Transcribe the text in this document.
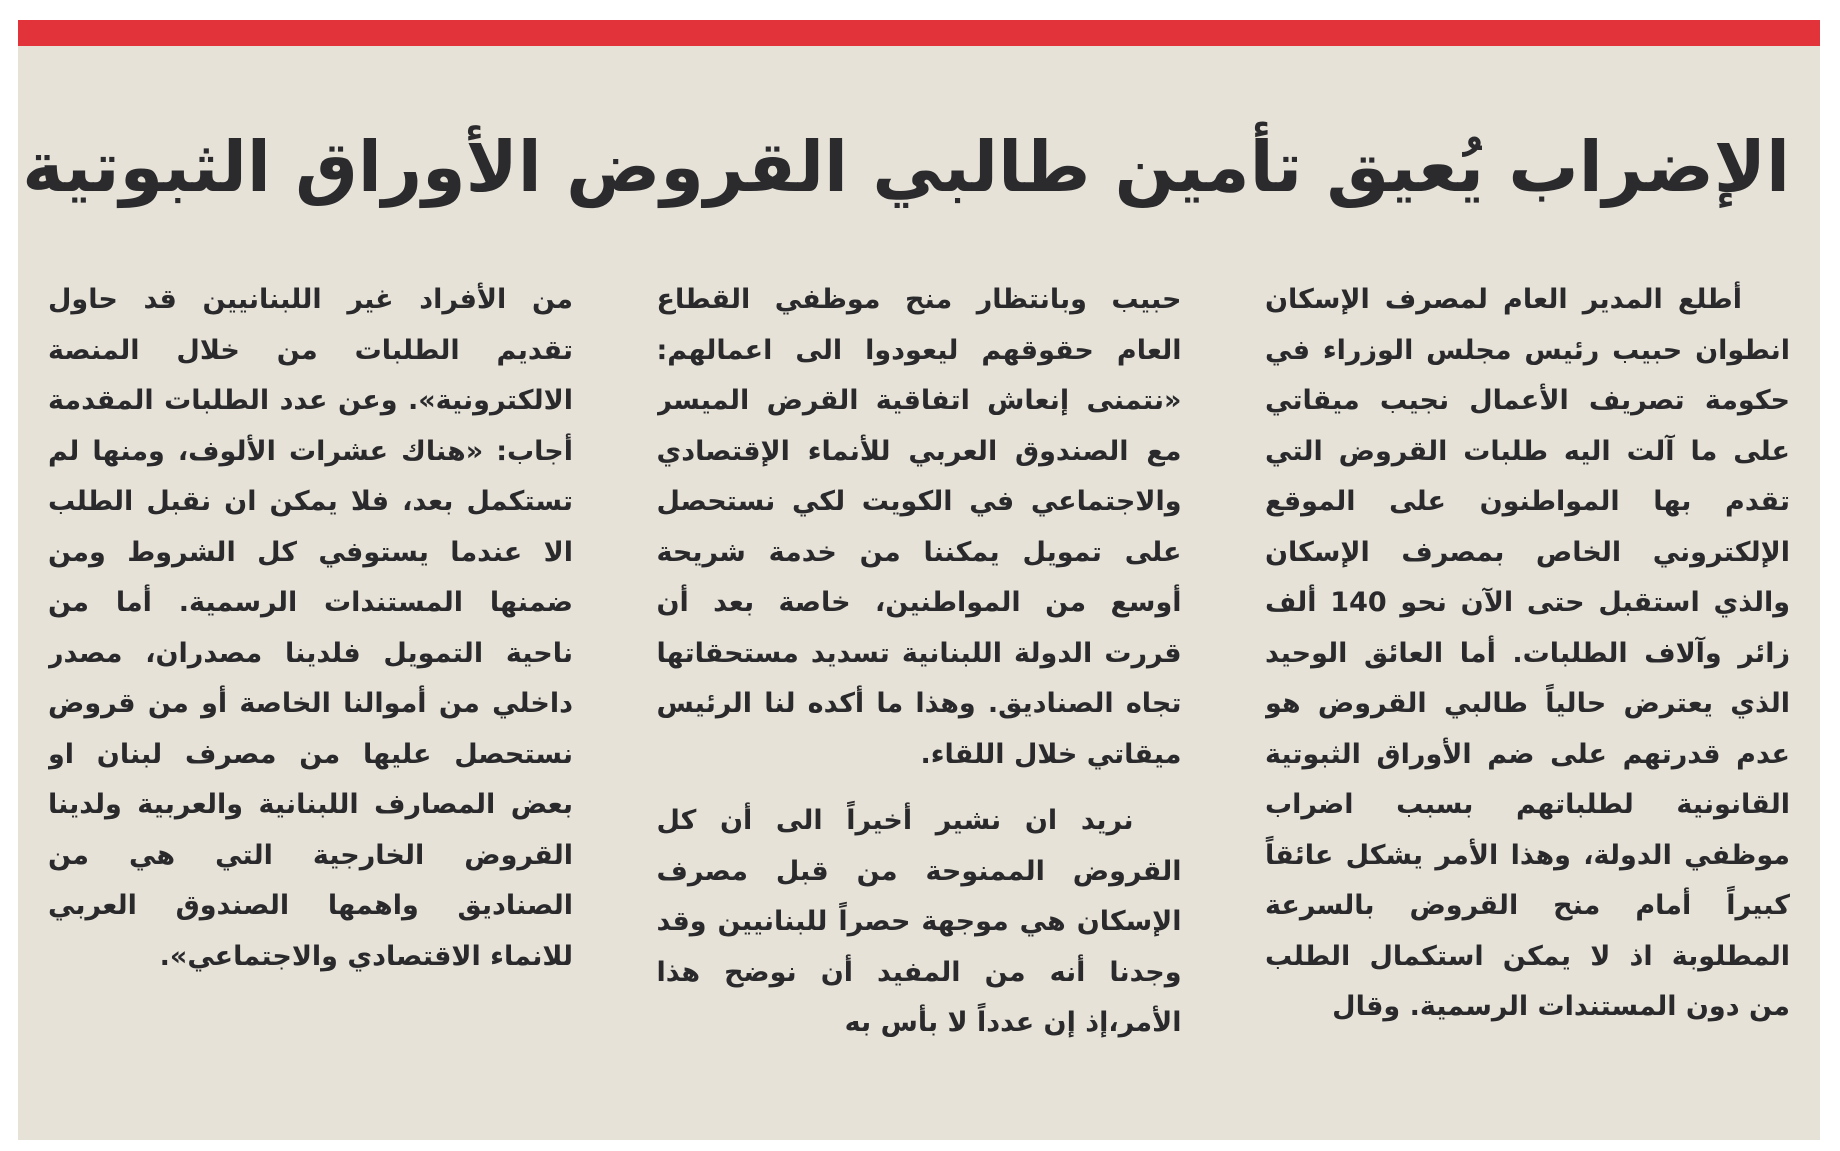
الإضراب يُعيق تأمين طالبي القروض الأوراق الثبوتية

أطلع المدير العام لمصرف الإسكان انطوان حبيب رئيس مجلس الوزراء في حكومة تصريف الأعمال نجيب ميقاتي على ما آلت اليه طلبات القروض التي تقدم بها المواطنون على الموقع الإلكتروني الخاص بمصرف الإسكان والذي استقبل حتى الآن نحو 140 ألف زائر وآلاف الطلبات. أما العائق الوحيد الذي يعترض حالياً طالبي القروض هو عدم قدرتهم على ضم الأوراق الثبوتية القانونية لطلباتهم بسبب اضراب موظفي الدولة، وهذا الأمر يشكل عائقاً كبيراً أمام منح القروض بالسرعة المطلوبة اذ لا يمكن استكمال الطلب من دون المستندات الرسمية. وقال

حبيب وبانتظار منح موظفي القطاع العام حقوقهم ليعودوا الى اعمالهم: «نتمنى إنعاش اتفاقية القرض الميسر مع الصندوق العربي للأنماء الإقتصادي والاجتماعي في الكويت لكي نستحصل على تمويل يمكننا من خدمة شريحة أوسع من المواطنين، خاصة بعد أن قررت الدولة اللبنانية تسديد مستحقاتها تجاه الصناديق. وهذا ما أكده لنا الرئيس ميقاتي خلال اللقاء.

نريد ان نشير أخيراً الى أن كل القروض الممنوحة من قبل مصرف الإسكان هي موجهة حصراً للبنانيين وقد وجدنا أنه من المفيد أن نوضح هذا الأمر،إذ إن عدداً لا بأس به

من الأفراد غير اللبنانيين قد حاول تقديم الطلبات من خلال المنصة الالكترونية». وعن عدد الطلبات المقدمة أجاب: «هناك عشرات الألوف، ومنها لم تستكمل بعد، فلا يمكن ان نقبل الطلب الا عندما يستوفي كل الشروط ومن ضمنها المستندات الرسمية. أما من ناحية التمويل فلدينا مصدران، مصدر داخلي من أموالنا الخاصة أو من قروض نستحصل عليها من مصرف لبنان او بعض المصارف اللبنانية والعربية ولدينا القروض الخارجية التي هي من الصناديق واهمها الصندوق العربي للانماء الاقتصادي والاجتماعي».
